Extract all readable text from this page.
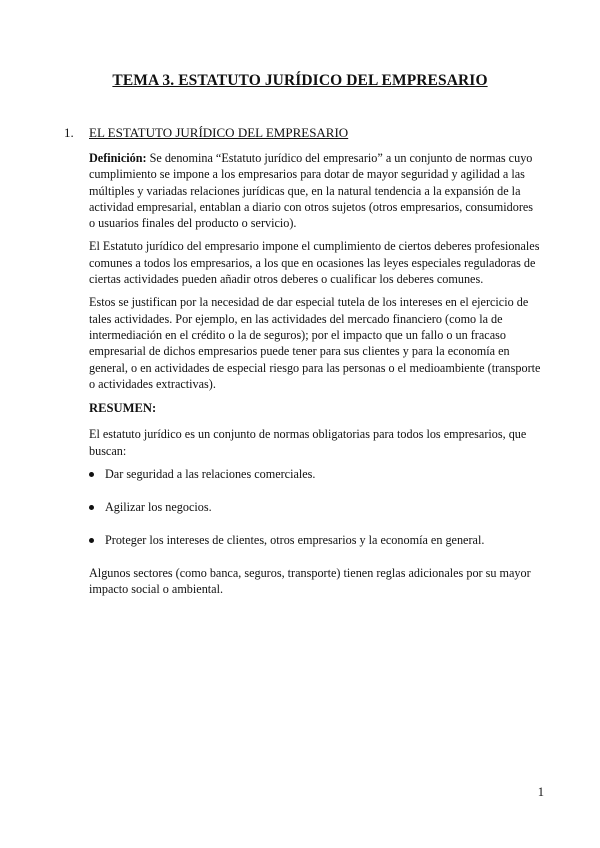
TEMA 3. ESTATUTO JURÍDICO DEL EMPRESARIO
1. EL ESTATUTO JURÍDICO DEL EMPRESARIO

Definición: Se denomina “Estatuto jurídico del empresario” a un conjunto de normas cuyo cumplimiento se impone a los empresarios para dotar de mayor seguridad y agilidad a las múltiples y variadas relaciones jurídicas que, en la natural tendencia a la expansión de la actividad empresarial, entablan a diario con otros sujetos (otros empresarios, consumidores o usuarios finales del producto o servicio).

El Estatuto jurídico del empresario impone el cumplimiento de ciertos deberes profesionales comunes a todos los empresarios, a los que en ocasiones las leyes especiales reguladoras de ciertas actividades pueden añadir otros deberes o cualificar los deberes comunes.

Estos se justifican por la necesidad de dar especial tutela de los intereses en el ejercicio de tales actividades. Por ejemplo, en las actividades del mercado financiero (como la de intermediación en el crédito o la de seguros); por el impacto que un fallo o un fracaso empresarial de dichos empresarios puede tener para sus clientes y para la economía en general, o en actividades de especial riesgo para las personas o el medioambiente (transporte o actividades extractivas).

RESUMEN:

El estatuto jurídico es un conjunto de normas obligatorias para todos los empresarios, que buscan:

Dar seguridad a las relaciones comerciales.
Agilizar los negocios.
Proteger los intereses de clientes, otros empresarios y la economía en general.

Algunos sectores (como banca, seguros, transporte) tienen reglas adicionales por su mayor impacto social o ambiental.

1
